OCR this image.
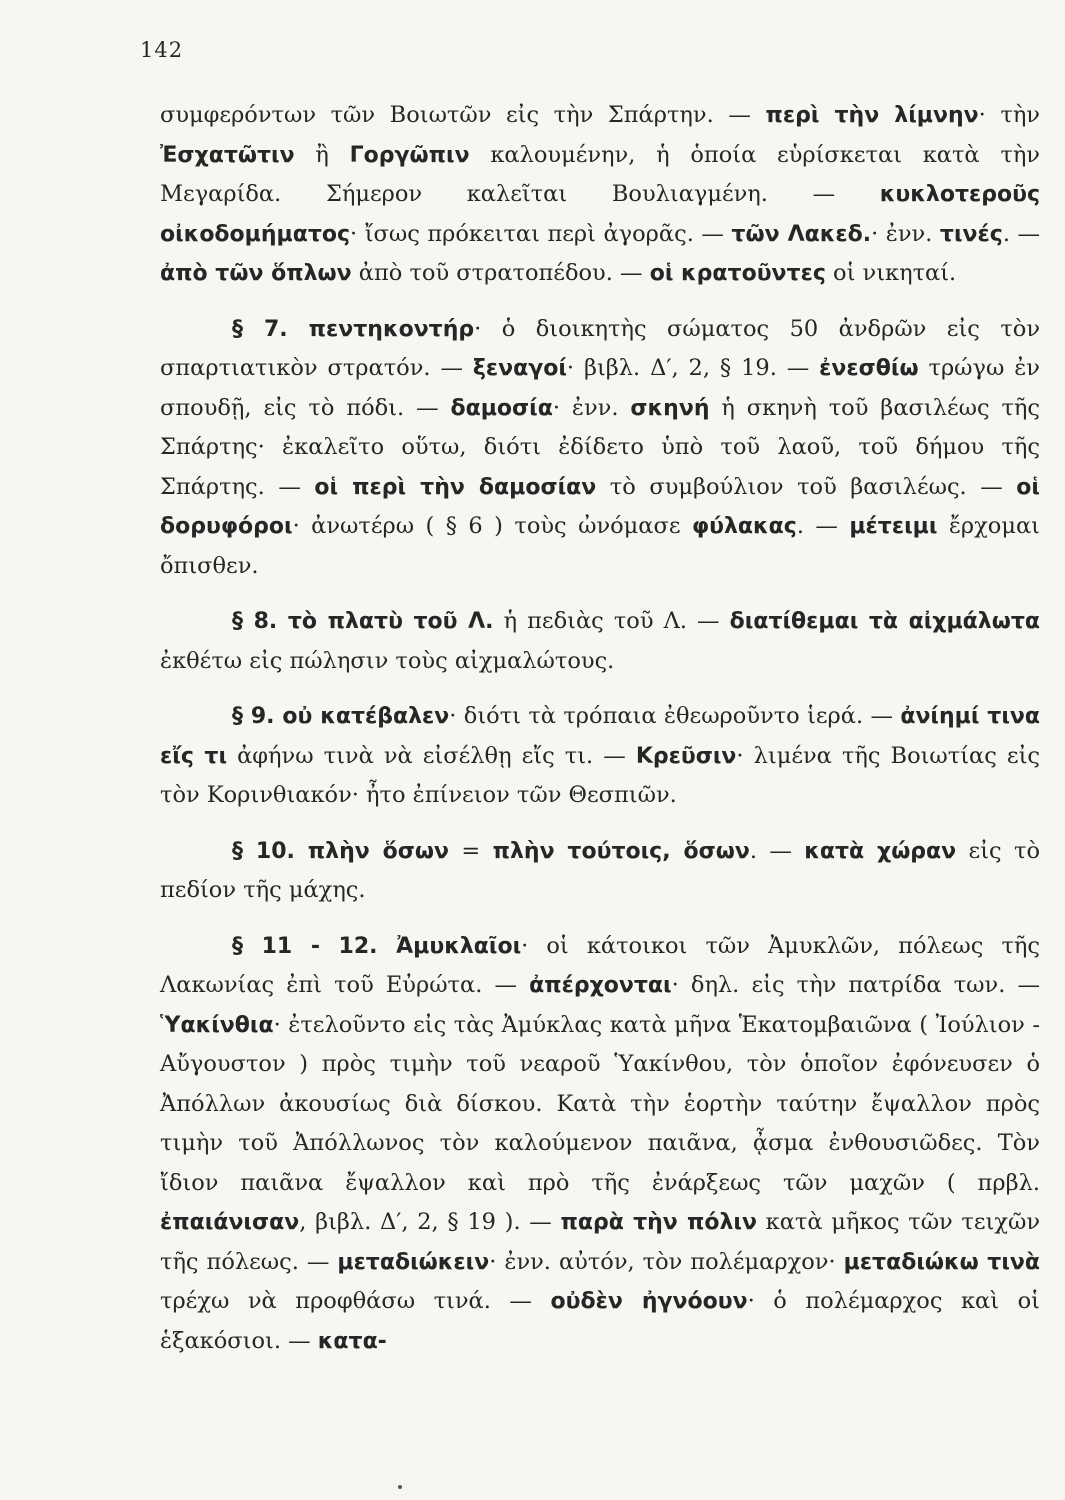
142

συμφερόντων τῶν Βοιωτῶν εἰς τὴν Σπάρτην. — περὶ τὴν λίμνην· τὴν Ἐσχατῶτιν ἢ Γοργῶπιν καλουμένην, ἡ ὁποία εὑρίσκεται κατὰ τὴν Μεγαρίδα. Σήμερον καλεῖται Βουλιαγμένη. — κυκλοτεροῦς οἰκοδομήματος· ἴσως πρόκειται περὶ ἀγορᾶς. — τῶν Λακεδ.· ἐνν. τινές. — ἀπὸ τῶν ὅπλων ἀπὸ τοῦ στρατοπέδου. — οἱ κρατοῦντες οἱ νικηταί.

§ 7. πεντηκοντήρ· ὁ διοικητὴς σώματος 50 ἀνδρῶν εἰς τὸν σπαρτιατικὸν στρατόν. — ξεναγοί· βιβλ. Δ′, 2, § 19. — ἐνεσθίω τρώγω ἐν σπουδῇ, εἰς τὸ πόδι. — δαμοσία· ἐνν. σκηνή ἡ σκηνὴ τοῦ βασιλέως τῆς Σπάρτης· ἐκαλεῖτο οὕτω, διότι ἐδίδετο ὑπὸ τοῦ λαοῦ, τοῦ δήμου τῆς Σπάρτης. — οἱ περὶ τὴν δαμοσίαν τὸ συμβούλιον τοῦ βασιλέως. — οἱ δορυφόροι· ἀνωτέρω ( § 6 ) τοὺς ὠνόμασε φύλακας. — μέτειμι ἔρχομαι ὄπισθεν.

§ 8. τὸ πλατὺ τοῦ Λ. ἡ πεδιὰς τοῦ Λ. — διατίθεμαι τὰ αἰχμάλωτα ἐκθέτω εἰς πώλησιν τοὺς αἰχμαλώτους.

§ 9. οὐ κατέβαλεν· διότι τὰ τρόπαια ἐθεωροῦντο ἱερά. — ἀνίημί τινα εἴς τι ἀφήνω τινὰ νὰ εἰσέλθῃ εἴς τι. — Κρεῦσιν· λιμένα τῆς Βοιωτίας εἰς τὸν Κορινθιακόν· ἦτο ἐπίνειον τῶν Θεσπιῶν.

§ 10. πλὴν ὅσων = πλὴν τούτοις, ὅσων. — κατὰ χώραν εἰς τὸ πεδίον τῆς μάχης.

§ 11 - 12. Ἀμυκλαῖοι· οἱ κάτοικοι τῶν Ἀμυκλῶν, πόλεως τῆς Λακωνίας ἐπὶ τοῦ Εὐρώτα. — ἀπέρχονται· δηλ. εἰς τὴν πατρίδα των. — Ὑακίνθια· ἐτελοῦντο εἰς τὰς Ἀμύκλας κατὰ μῆνα Ἑκατομβαιῶνα ( Ἰούλιον - Αὔγουστον ) πρὸς τιμὴν τοῦ νεαροῦ Ὑακίνθου, τὸν ὁποῖον ἐφόνευσεν ὁ Ἀπόλλων ἀκουσίως διὰ δίσκου. Κατὰ τὴν ἑορτὴν ταύτην ἔψαλλον πρὸς τιμὴν τοῦ Ἀπόλλωνος τὸν καλούμενον παιᾶνα, ᾆσμα ἐνθουσιῶδες. Τὸν ἴδιον παιᾶνα ἔψαλλον καὶ πρὸ τῆς ἐνάρξεως τῶν μαχῶν ( πρβλ. ἐπαιάνισαν, βιβλ. Δ′, 2, § 19 ). — παρὰ τὴν πόλιν κατὰ μῆκος τῶν τειχῶν τῆς πόλεως. — μεταδιώκειν· ἐνν. αὐτόν, τὸν πολέμαρχον· μεταδιώκω τινὰ τρέχω νὰ προφθάσω τινά. — οὐδὲν ἠγνόουν· ὁ πολέμαρχος καὶ οἱ ἑξακόσιοι. — κατα-
